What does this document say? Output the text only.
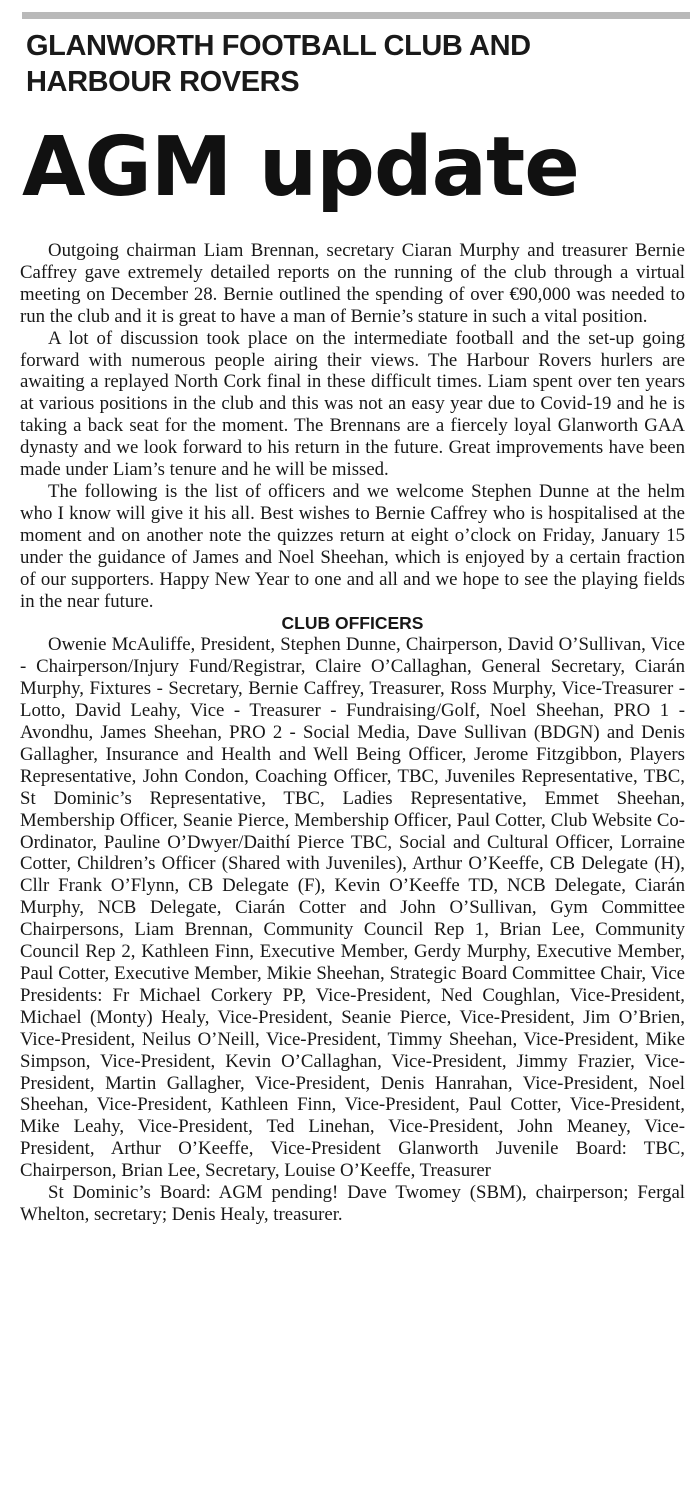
GLANWORTH FOOTBALL CLUB AND
HARBOUR ROVERS
AGM update

Outgoing chairman Liam Brennan, secretary Ciaran Murphy and treasurer Bernie Caffrey gave extremely detailed reports on the running of the club through a virtual meeting on December 28. Bernie outlined the spending of over €90,000 was needed to run the club and it is great to have a man of Bernie’s stature in such a vital position.

A lot of discussion took place on the intermediate football and the set-up going forward with numerous people airing their views. The Harbour Rovers hurlers are awaiting a replayed North Cork final in these difficult times. Liam spent over ten years at various positions in the club and this was not an easy year due to Covid-19 and he is taking a back seat for the moment. The Brennans are a fiercely loyal Glanworth GAA dynasty and we look forward to his return in the future. Great improvements have been made under Liam’s tenure and he will be missed.

The following is the list of officers and we welcome Stephen Dunne at the helm who I know will give it his all. Best wishes to Bernie Caffrey who is hospitalised at the moment and on another note the quizzes return at eight o’clock on Friday, January 15 under the guidance of James and Noel Sheehan, which is enjoyed by a certain fraction of our supporters. Happy New Year to one and all and we hope to see the playing fields in the near future.

CLUB OFFICERS

Owenie McAuliffe, President, Stephen Dunne, Chairperson, David O’Sullivan, Vice - Chairperson/Injury Fund/Registrar, Claire O’Callaghan, General Secretary, Ciarán Murphy, Fixtures - Secretary, Bernie Caffrey, Treasurer, Ross Murphy, Vice-Treasurer - Lotto, David Leahy, Vice - Treasurer - Fundraising/Golf, Noel Sheehan, PRO 1 - Avondhu, James Sheehan, PRO 2 - Social Media, Dave Sullivan (BDGN) and Denis Gallagher, Insurance and Health and Well Being Officer, Jerome Fitzgibbon, Players Representative, John Condon, Coaching Officer, TBC, Juveniles Representative, TBC, St Dominic’s Representative, TBC, Ladies Representative, Emmet Sheehan, Membership Officer, Seanie Pierce, Membership Officer, Paul Cotter, Club Website Co-Ordinator, Pauline O’Dwyer/Daithí Pierce TBC, Social and Cultural Officer, Lorraine Cotter, Children’s Officer (Shared with Juveniles), Arthur O’Keeffe, CB Delegate (H), Cllr Frank O’Flynn, CB Delegate (F), Kevin O’Keeffe TD, NCB Delegate, Ciarán Murphy, NCB Delegate, Ciarán Cotter and John O’Sullivan, Gym Committee Chairpersons, Liam Brennan, Community Council Rep 1, Brian Lee, Community Council Rep 2, Kathleen Finn, Executive Member, Gerdy Murphy, Executive Member, Paul Cotter, Executive Member, Mikie Sheehan, Strategic Board Committee Chair, Vice Presidents: Fr Michael Corkery PP, Vice-President, Ned Coughlan, Vice-President, Michael (Monty) Healy, Vice-President, Seanie Pierce, Vice-President, Jim O’Brien, Vice-President, Neilus O’Neill, Vice-President, Timmy Sheehan, Vice-President, Mike Simpson, Vice-President, Kevin O’Callaghan, Vice-President, Jimmy Frazier, Vice-President, Martin Gallagher, Vice-President, Denis Hanrahan, Vice-President, Noel Sheehan, Vice-President, Kathleen Finn, Vice-President, Paul Cotter, Vice-President, Mike Leahy, Vice-President, Ted Linehan, Vice-President, John Meaney, Vice-President, Arthur O’Keeffe, Vice-President Glanworth Juvenile Board: TBC, Chairperson, Brian Lee, Secretary, Louise O’Keeffe, Treasurer

St Dominic’s Board: AGM pending! Dave Twomey (SBM), chairperson; Fergal Whelton, secretary; Denis Healy, treasurer.
